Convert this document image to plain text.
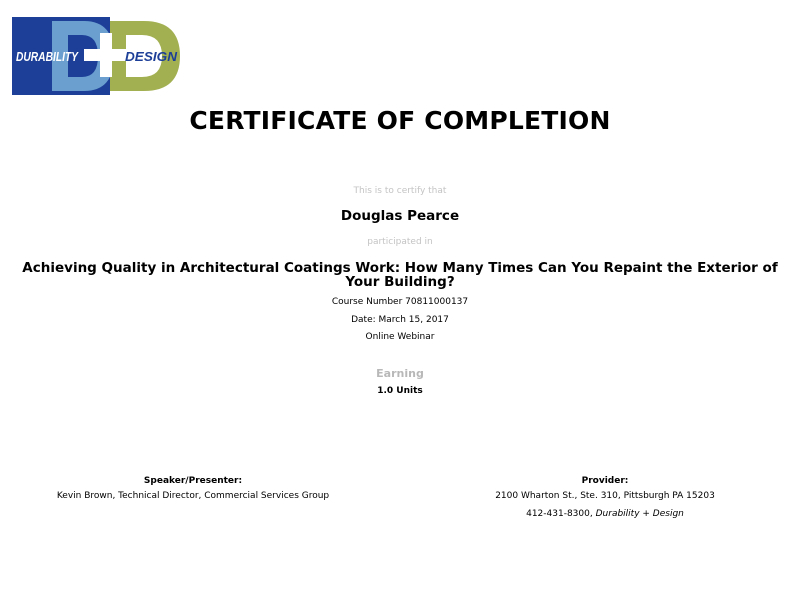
DURABILITY	DESIGN
CERTIFICATE OF COMPLETION
This is to certify that
Douglas Pearce
participated in
Achieving Quality in Architectural Coatings Work: How Many Times Can You Repaint the Exterior of Your Building?
Course Number 70811000137
Date: March 15, 2017
Online Webinar
Earning
1.0 Units
Speaker/Presenter:
Kevin Brown, Technical Director, Commercial Services Group
Provider:
2100 Wharton St., Ste. 310, Pittsburgh PA 15203
412-431-8300, Durability + Design
